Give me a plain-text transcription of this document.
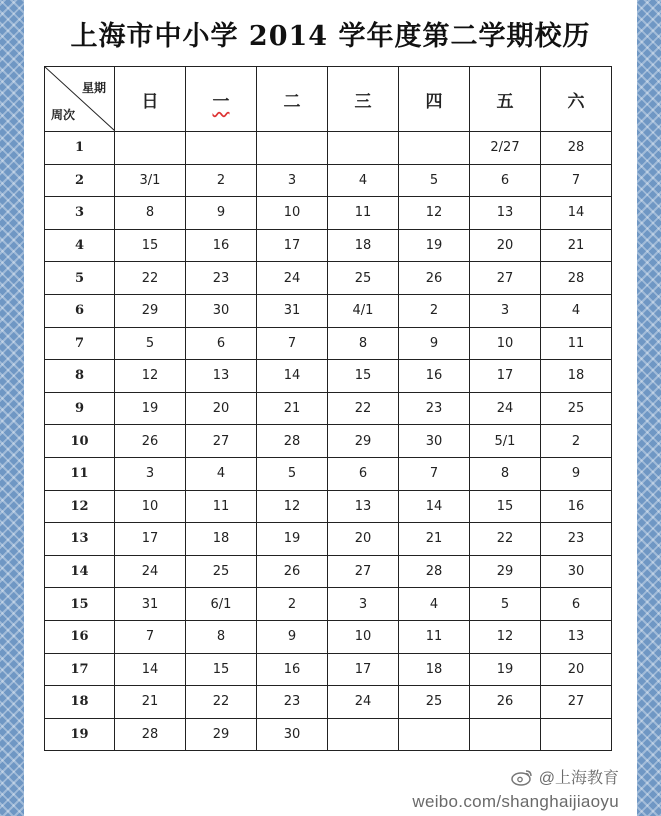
上海市中小学 2014 学年度第二学期校历
星期
周次	日	一	二	三	四	五	六
1						2/27	28
2	3/1	2	3	4	5	6	7
3	8	9	10	11	12	13	14
4	15	16	17	18	19	20	21
5	22	23	24	25	26	27	28
6	29	30	31	4/1	2	3	4
7	5	6	7	8	9	10	11
8	12	13	14	15	16	17	18
9	19	20	21	22	23	24	25
10	26	27	28	29	30	5/1	2
11	3	4	5	6	7	8	9
12	10	11	12	13	14	15	16
13	17	18	19	20	21	22	23
14	24	25	26	27	28	29	30
15	31	6/1	2	3	4	5	6
16	7	8	9	10	11	12	13
17	14	15	16	17	18	19	20
18	21	22	23	24	25	26	27
19	28	29	30				
@上海教育
weibo.com/shanghaijiaoyu
